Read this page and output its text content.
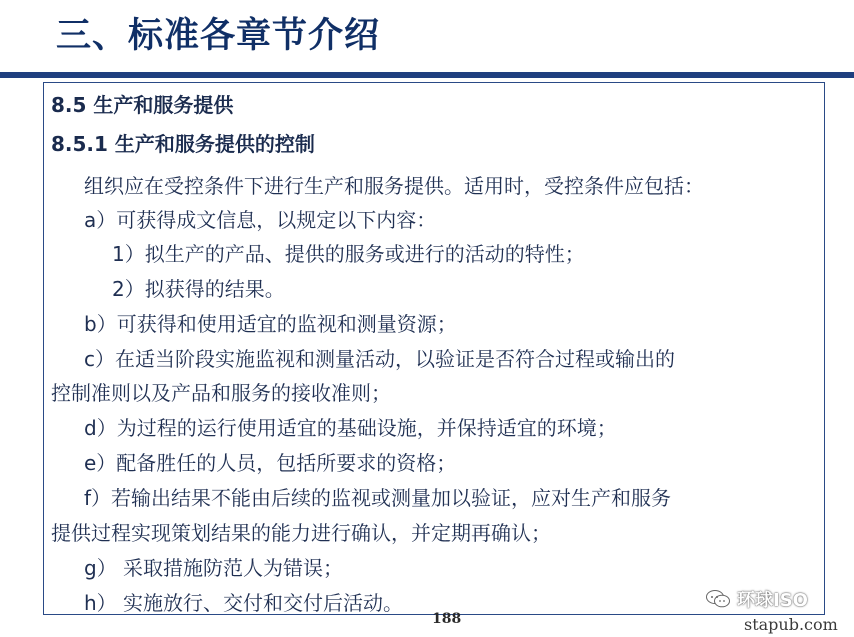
三、标准各章节介绍
8.5 生产和服务提供
8.5.1 生产和服务提供的控制
组织应在受控条件下进行生产和服务提供。适用时，受控条件应包括：
a）可获得成文信息，以规定以下内容：
1）拟生产的产品、提供的服务或进行的活动的特性；
2）拟获得的结果。
b）可获得和使用适宜的监视和测量资源；
c）在适当阶段实施监视和测量活动，以验证是否符合过程或输出的
控制准则以及产品和服务的接收准则；
d）为过程的运行使用适宜的基础设施，并保持适宜的环境；
e）配备胜任的人员，包括所要求的资格；
f）若输出结果不能由后续的监视或测量加以验证，应对生产和服务
提供过程实现策划结果的能力进行确认，并定期再确认；
g） 采取措施防范人为错误；
h） 实施放行、交付和交付后活动。
188
环球ISO
stapub.com
